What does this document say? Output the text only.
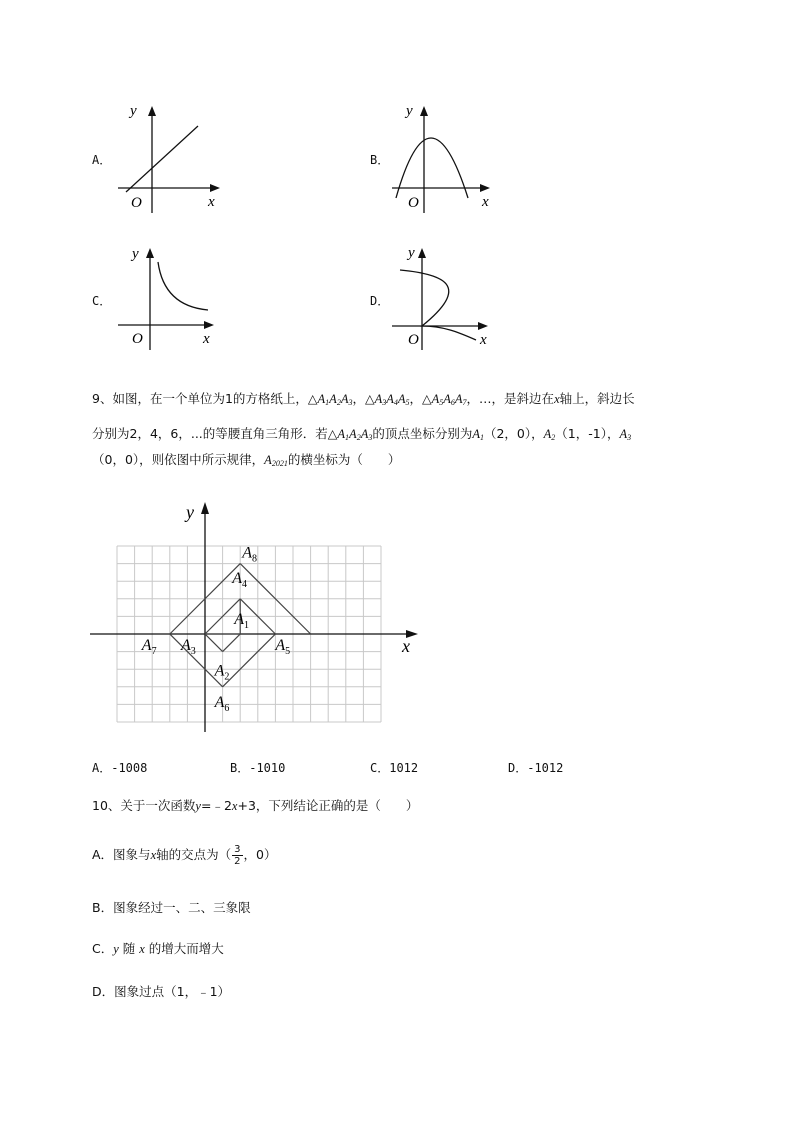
A．
y
x
O
B．
y
x
O
C．
y
x
O
D．
y
x
O
9、如图，在一个单位为1的方格纸上，$\triangle A_1A_2A_3$，$\triangle A_3A_4A_5$，$\triangle A_5A_6A_7$，…，是斜边在x轴上，斜边长
分别为2，4，6，...的等腰直角三角形．若$\triangle A_1A_2A_3$的顶点坐标分别为$A_1(2$，0），$A_2(1$，-1），$A_3$
（0，0），则依图中所示规律，$A_{2021}$的横坐标为（　　）
x
y
$A_1$
$A_2$
$A_3$
$A_4$
$A_5$
$A_6$
$A_7$
$A_8$
A．-1008	B．-1010	C．1012	D．-1012
10、关于一次函数y=﹣2x+3，下列结论正确的是（　　）
A．图象与x轴的交点为（ $\frac{3}{2}$ ，0）
B．图象经过一、二、三象限
C．y 随 x 的增大而增大
D．图象过点（1，﹣1）
